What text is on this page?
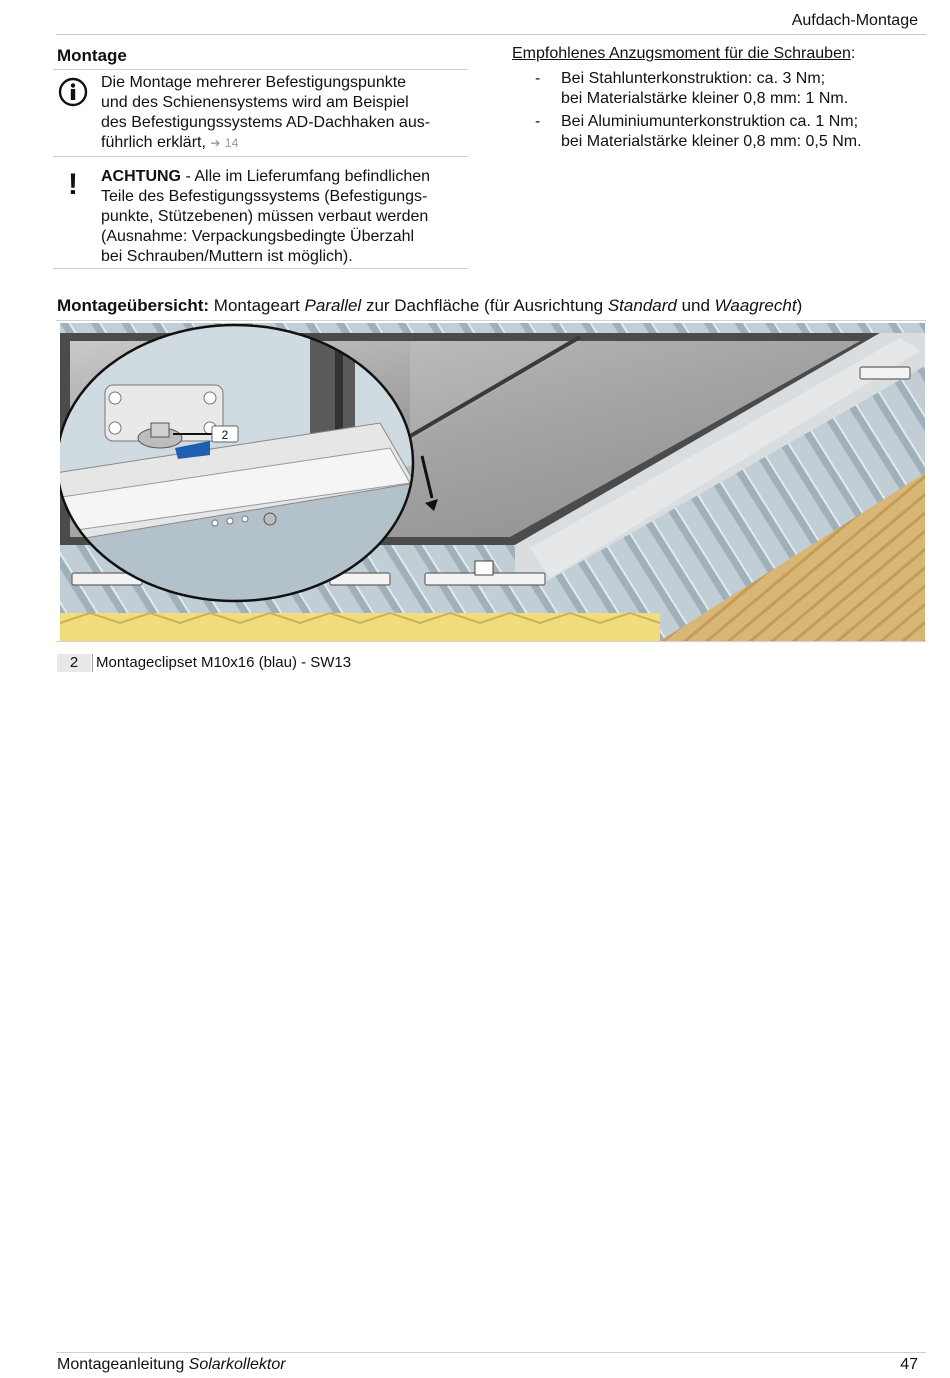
Aufdach-Montage
Montage
Die Montage mehrerer Befestigungspunkte
und des Schienensystems wird am Beispiel
des Befestigungssystems AD-Dachhaken aus-
führlich erklärt, ➔ 14
! ACHTUNG - Alle im Lieferumfang befindlichen
Teile des Befestigungssystems (Befestigungs-
punkte, Stützebenen) müssen verbaut werden
(Ausnahme: Verpackungsbedingte Überzahl
bei Schrauben/Muttern ist möglich).
Empfohlenes Anzugsmoment für die Schrauben:
- Bei Stahlunterkonstruktion: ca. 3 Nm;
bei Materialstärke kleiner 0,8 mm: 1 Nm.
- Bei Aluminiumunterkonstruktion ca. 1 Nm;
bei Materialstärke kleiner 0,8 mm: 0,5 Nm.
Montageübersicht: Montageart Parallel zur Dachfläche (für Ausrichtung Standard und Waagrecht)
2
2	Montageclipset M10x16 (blau) - SW13
Montageanleitung Solarkollektor	47
